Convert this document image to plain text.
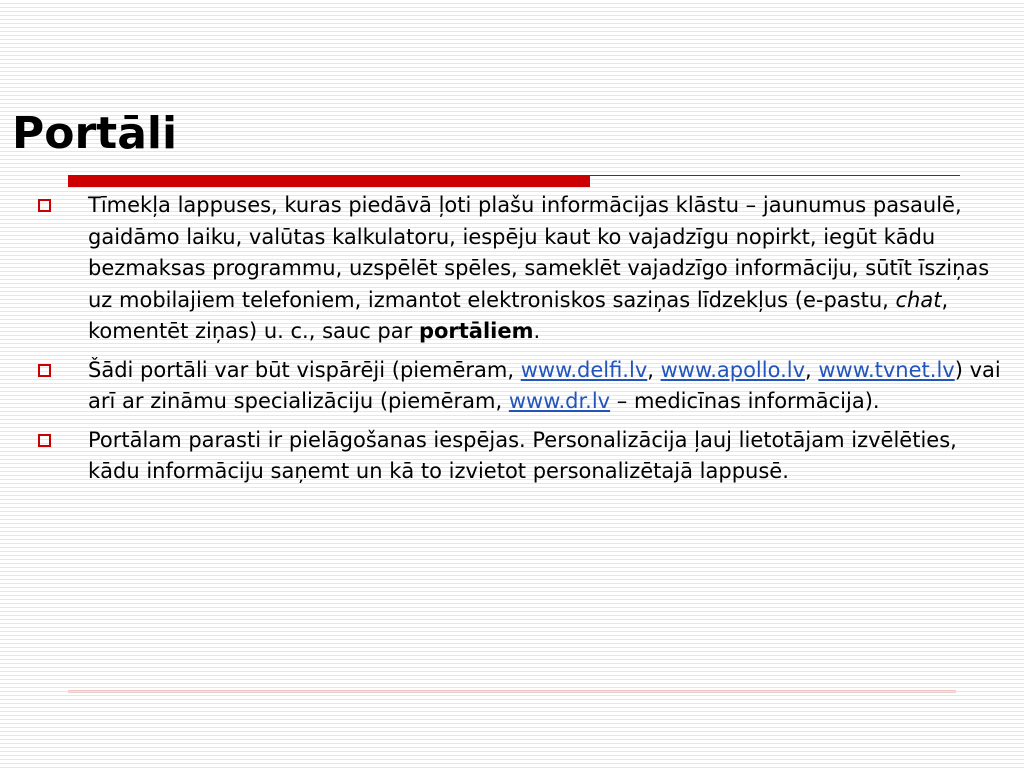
Portāli
Tīmekļa lappuses, kuras piedāvā ļoti plašu informācijas klāstu – jaunumus pasaulē, gaidāmo laiku, valūtas kalkulatoru, iespēju kaut ko vajadzīgu nopirkt, iegūt kādu bezmaksas programmu, uzspēlēt spēles, sameklēt vajadzīgo informāciju, sūtīt īsziņas uz mobilajiem telefoniem, izmantot elektroniskos saziņas līdzekļus (e-pastu, chat, komentēt ziņas) u. c., sauc par portāliem.
Šādi portāli var būt vispārēji (piemēram, www.delfi.lv, www.apollo.lv, www.tvnet.lv) vai arī ar zināmu specializāciju (piemēram, www.dr.lv – medicīnas informācija).
Portālam parasti ir pielāgošanas iespējas. Personalizācija ļauj lietotājam izvēlēties, kādu informāciju saņemt un kā to izvietot personalizētajā lappusē.
